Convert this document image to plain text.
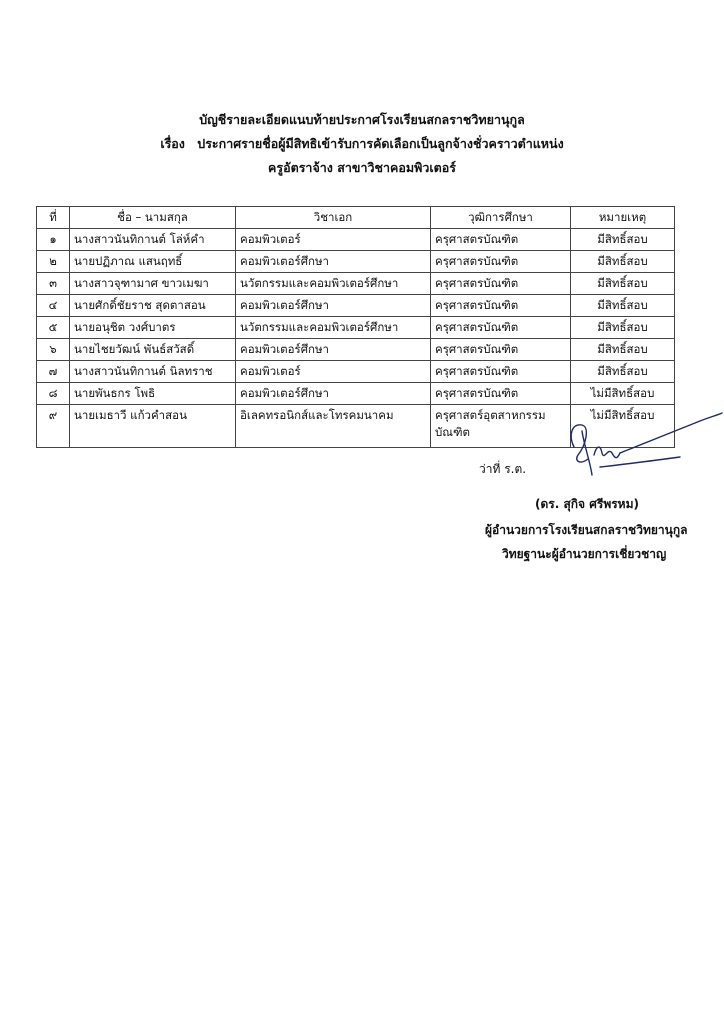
บัญชีรายละเอียดแนบท้ายประกาศโรงเรียนสกลราชวิทยานุกูล
เรื่อง ประกาศรายชื่อผู้มีสิทธิเข้ารับการคัดเลือกเป็นลูกจ้างชั่วคราวตำแหน่ง
ครูอัตราจ้าง สาขาวิชาคอมพิวเตอร์
ที่	ชื่อ – นามสกุล	วิชาเอก	วุฒิการศึกษา	หมายเหตุ
๑	นางสาวนันทิกานต์ โล่ห์คำ	คอมพิวเตอร์	ครุศาสตรบัณฑิต	มีสิทธิ์สอบ
๒	นายปฏิภาณ แสนฤทธิ์	คอมพิวเตอร์ศึกษา	ครุศาสตรบัณฑิต	มีสิทธิ์สอบ
๓	นางสาวจุฑามาศ ขาวเมฆา	นวัตกรรมและคอมพิวเตอร์ศึกษา	ครุศาสตรบัณฑิต	มีสิทธิ์สอบ
๔	นายศักดิ์ชัยราช สุดตาสอน	คอมพิวเตอร์ศึกษา	ครุศาสตรบัณฑิต	มีสิทธิ์สอบ
๕	นายอนุชิต วงศ์บาตร	นวัตกรรมและคอมพิวเตอร์ศึกษา	ครุศาสตรบัณฑิต	มีสิทธิ์สอบ
๖	นายไชยวัฒน์ พันธ์สวัสดิ์	คอมพิวเตอร์ศึกษา	ครุศาสตรบัณฑิต	มีสิทธิ์สอบ
๗	นางสาวนันทิกานต์ นิลทราช	คอมพิวเตอร์	ครุศาสตรบัณฑิต	มีสิทธิ์สอบ
๘	นายพันธกร โพธิ	คอมพิวเตอร์ศึกษา	ครุศาสตรบัณฑิต	ไม่มีสิทธิ์สอบ
๙	นายเมธาวี แก้วคำสอน	อิเลคทรอนิกส์และโทรคมนาคม	ครุศาสตร์อุตสาหกรรมบัณฑิต	ไม่มีสิทธิ์สอบ
ว่าที่ ร.ต.
(ดร. สุกิจ ศรีพรหม)
ผู้อำนวยการโรงเรียนสกลราชวิทยานุกูล
วิทยฐานะผู้อำนวยการเชี่ยวชาญ
